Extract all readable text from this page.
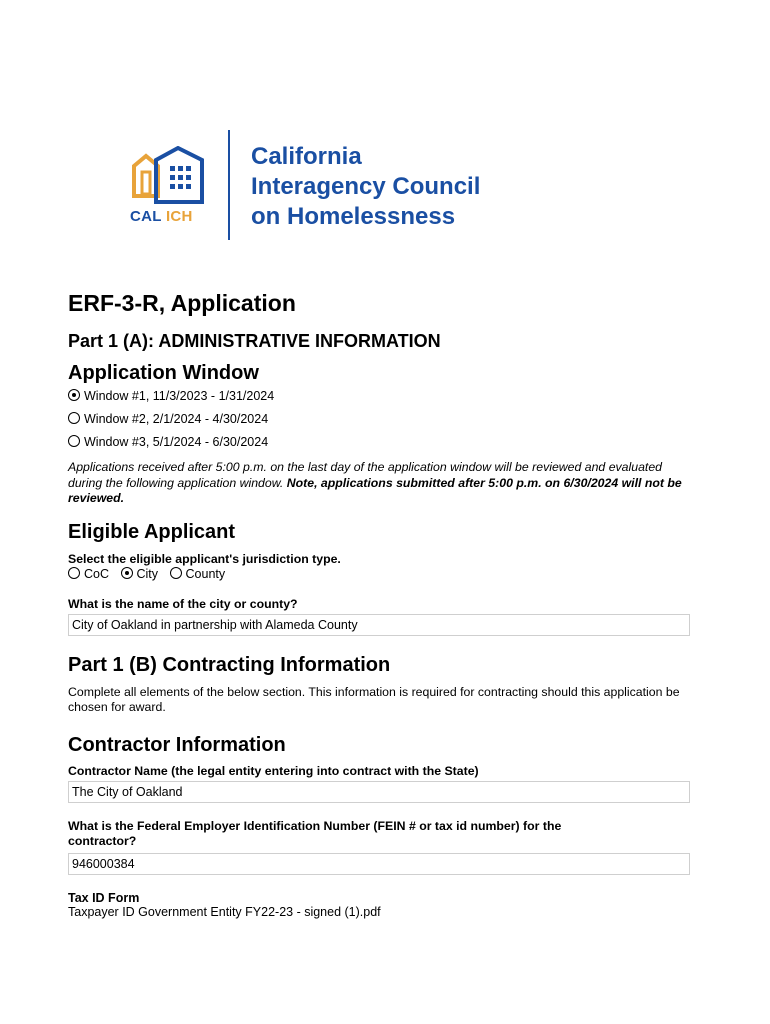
CAL ICH
California
Interagency Council
on Homelessness
ERF-3-R, Application
Part 1 (A): ADMINISTRATIVE INFORMATION
Application Window
Window #1, 11/3/2023 - 1/31/2024
Window #2, 2/1/2024 - 4/30/2024
Window #3, 5/1/2024 - 6/30/2024
Applications received after 5:00 p.m. on the last day of the application window will be reviewed and evaluated during the following application window. Note, applications submitted after 5:00 p.m. on 6/30/2024 will not be reviewed.
Eligible Applicant
Select the eligible applicant's jurisdiction type.
CoC City County
What is the name of the city or county?
City of Oakland in partnership with Alameda County
Part 1 (B) Contracting Information
Complete all elements of the below section. This information is required for contracting should this application be chosen for award.
Contractor Information
Contractor Name (the legal entity entering into contract with the State)
The City of Oakland
What is the Federal Employer Identification Number (FEIN # or tax id number) for the contractor?
946000384
Tax ID Form
Taxpayer ID Government Entity FY22-23 - signed (1).pdf
